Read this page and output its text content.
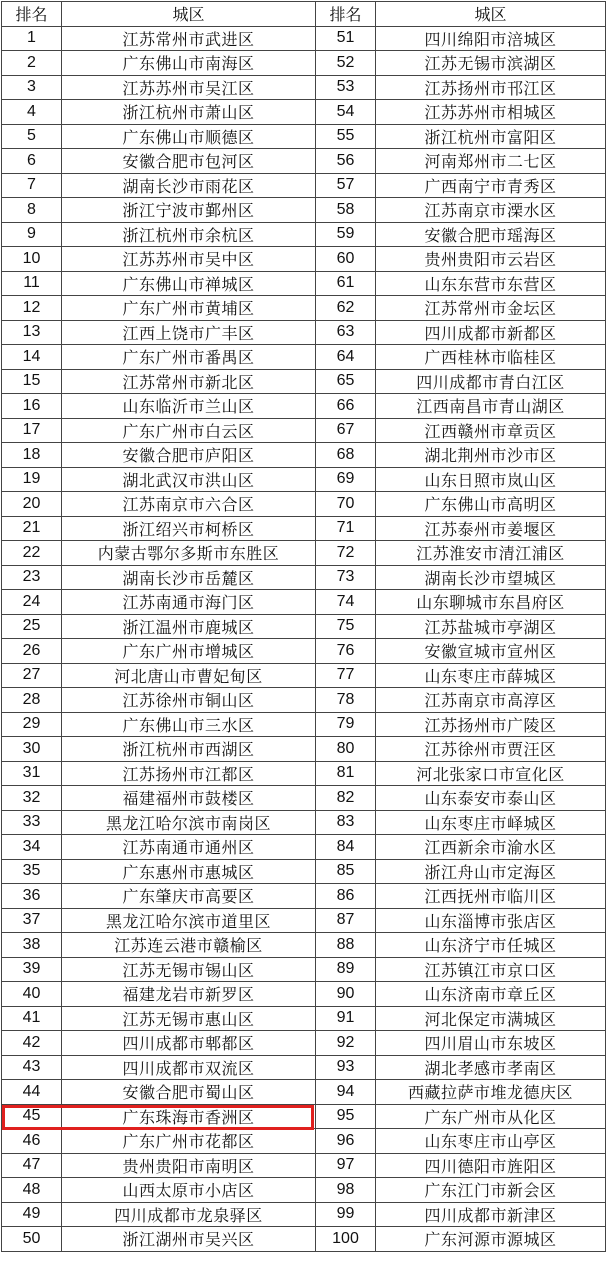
排名	城区	排名	城区
1	江苏常州市武进区	51	四川绵阳市涪城区
2	广东佛山市南海区	52	江苏无锡市滨湖区
3	江苏苏州市吴江区	53	江苏扬州市邗江区
4	浙江杭州市萧山区	54	江苏苏州市相城区
5	广东佛山市顺德区	55	浙江杭州市富阳区
6	安徽合肥市包河区	56	河南郑州市二七区
7	湖南长沙市雨花区	57	广西南宁市青秀区
8	浙江宁波市鄞州区	58	江苏南京市溧水区
9	浙江杭州市余杭区	59	安徽合肥市瑶海区
10	江苏苏州市吴中区	60	贵州贵阳市云岩区
11	广东佛山市禅城区	61	山东东营市东营区
12	广东广州市黄埔区	62	江苏常州市金坛区
13	江西上饶市广丰区	63	四川成都市新都区
14	广东广州市番禺区	64	广西桂林市临桂区
15	江苏常州市新北区	65	四川成都市青白江区
16	山东临沂市兰山区	66	江西南昌市青山湖区
17	广东广州市白云区	67	江西赣州市章贡区
18	安徽合肥市庐阳区	68	湖北荆州市沙市区
19	湖北武汉市洪山区	69	山东日照市岚山区
20	江苏南京市六合区	70	广东佛山市高明区
21	浙江绍兴市柯桥区	71	江苏泰州市姜堰区
22	内蒙古鄂尔多斯市东胜区	72	江苏淮安市清江浦区
23	湖南长沙市岳麓区	73	湖南长沙市望城区
24	江苏南通市海门区	74	山东聊城市东昌府区
25	浙江温州市鹿城区	75	江苏盐城市亭湖区
26	广东广州市增城区	76	安徽宣城市宣州区
27	河北唐山市曹妃甸区	77	山东枣庄市薛城区
28	江苏徐州市铜山区	78	江苏南京市高淳区
29	广东佛山市三水区	79	江苏扬州市广陵区
30	浙江杭州市西湖区	80	江苏徐州市贾汪区
31	江苏扬州市江都区	81	河北张家口市宣化区
32	福建福州市鼓楼区	82	山东泰安市泰山区
33	黑龙江哈尔滨市南岗区	83	山东枣庄市峄城区
34	江苏南通市通州区	84	江西新余市渝水区
35	广东惠州市惠城区	85	浙江舟山市定海区
36	广东肇庆市高要区	86	江西抚州市临川区
37	黑龙江哈尔滨市道里区	87	山东淄博市张店区
38	江苏连云港市赣榆区	88	山东济宁市任城区
39	江苏无锡市锡山区	89	江苏镇江市京口区
40	福建龙岩市新罗区	90	山东济南市章丘区
41	江苏无锡市惠山区	91	河北保定市满城区
42	四川成都市郫都区	92	四川眉山市东坡区
43	四川成都市双流区	93	湖北孝感市孝南区
44	安徽合肥市蜀山区	94	西藏拉萨市堆龙德庆区
45	广东珠海市香洲区	95	广东广州市从化区
46	广东广州市花都区	96	山东枣庄市山亭区
47	贵州贵阳市南明区	97	四川德阳市旌阳区
48	山西太原市小店区	98	广东江门市新会区
49	四川成都市龙泉驿区	99	四川成都市新津区
50	浙江湖州市吴兴区	100	广东河源市源城区
